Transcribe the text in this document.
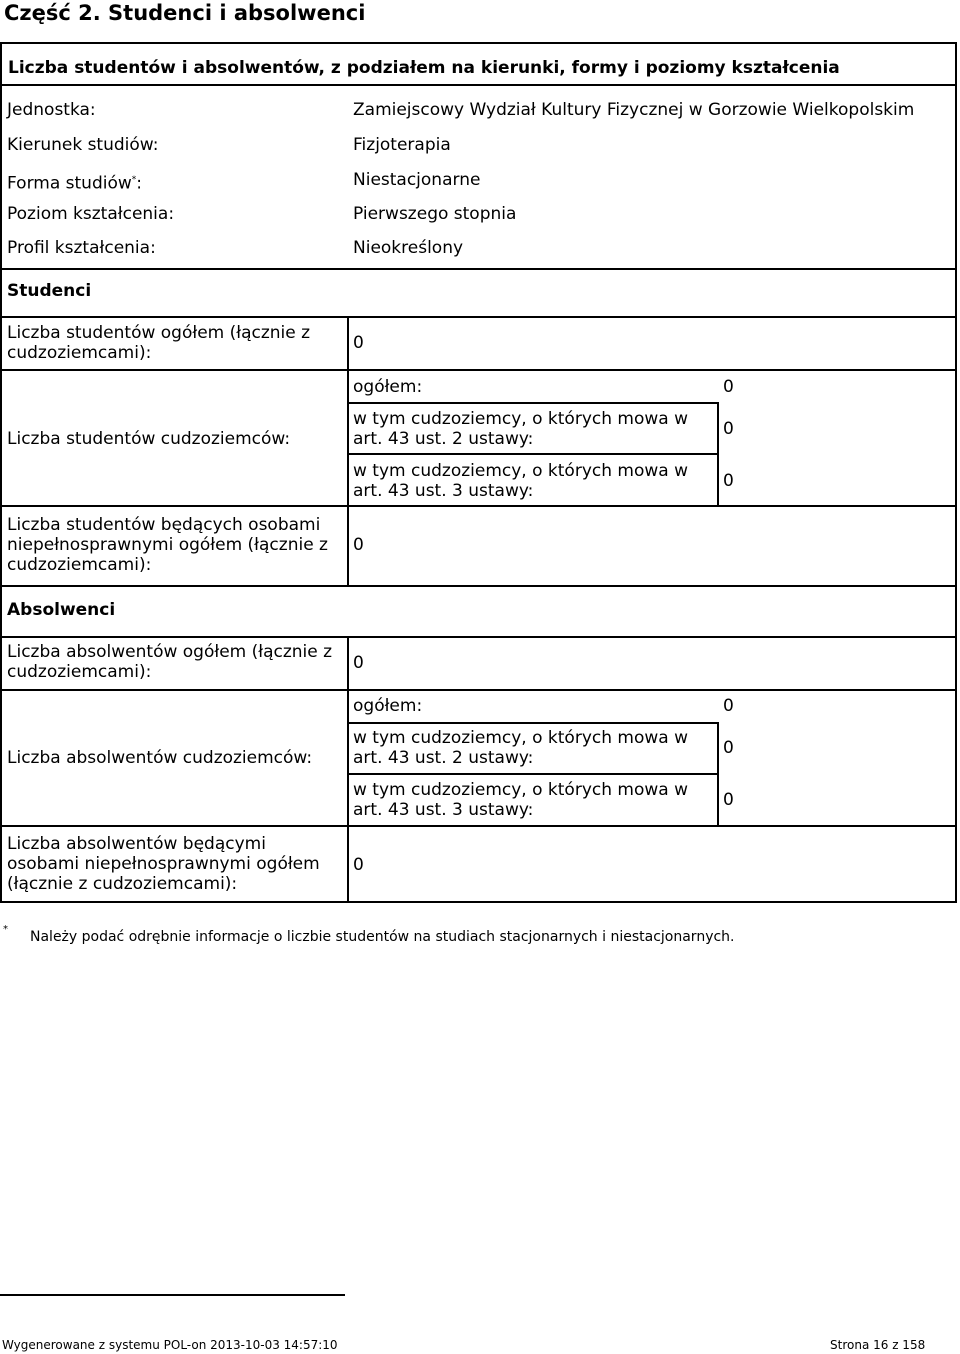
Część 2. Studenci i absolwenci
Liczba studentów i absolwentów, z podziałem na kierunki, formy i poziomy kształcenia
Jednostka:	Zamiejscowy Wydział Kultury Fizycznej w Gorzowie Wielkopolskim
Kierunek studiów:	Fizjoterapia
Forma studiów*:	Niestacjonarne
Poziom kształcenia:	Pierwszego stopnia
Profil kształcenia:	Nieokreślony
Studenci
Liczba studentów ogółem (łącznie z cudzoziemcami):	0
Liczba studentów cudzoziemców:
ogółem:	0
w tym cudzoziemcy, o których mowa w art. 43 ust. 2 ustawy:	0
w tym cudzoziemcy, o których mowa w art. 43 ust. 3 ustawy:	0
Liczba studentów będących osobami niepełnosprawnymi ogółem (łącznie z cudzoziemcami):
0
Absolwenci
Liczba absolwentów ogółem (łącznie z cudzoziemcami):	0
Liczba absolwentów cudzoziemców:
ogółem:	0
w tym cudzoziemcy, o których mowa w art. 43 ust. 2 ustawy:	0
w tym cudzoziemcy, o których mowa w art. 43 ust. 3 ustawy:	0
Liczba absolwentów będącymi osobami niepełnosprawnymi ogółem (łącznie z cudzoziemcami):
0
* Należy podać odrębnie informacje o liczbie studentów na studiach stacjonarnych i niestacjonarnych.
Wygenerowane z systemu POL-on 2013-10-03 14:57:10	Strona 16 z 158
